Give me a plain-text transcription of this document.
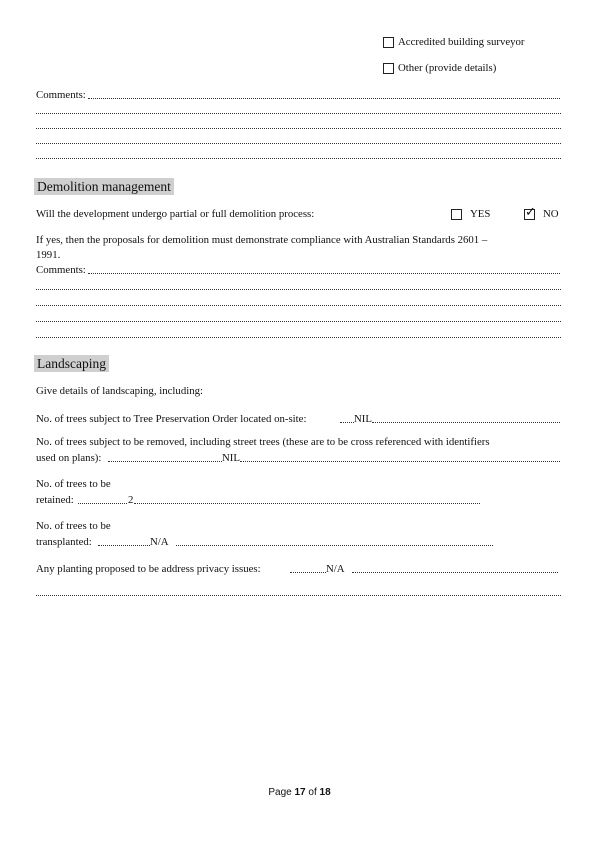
Accredited building surveyor
Other (provide details)
Comments:
Demolition management
Will the development undergo partial or full demolition process:	YES	✓ NO
If yes, then the proposals for demolition must demonstrate compliance with Australian Standards 2601 –
1991.
Comments:
Landscaping
Give details of landscaping, including:
No. of trees subject to Tree Preservation Order located on-site:	NIL
No. of trees subject to be removed, including street trees (these are to be cross referenced with identifiers
used on plans):	NIL
No. of trees to be
retained:	2
No. of trees to be
transplanted:	N/A
Any planting proposed to be address privacy issues:	N/A
Page 17 of 18
